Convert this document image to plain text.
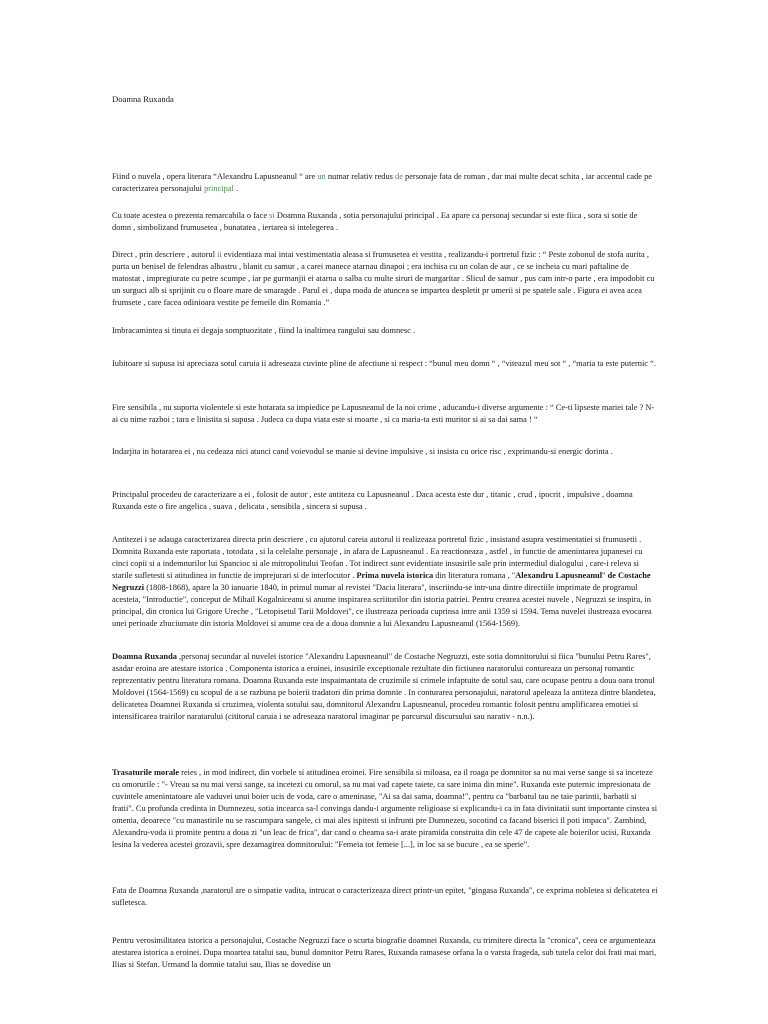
Doamna Ruxanda

Fiind o nuvela , opera literara “Alexandru Lapusneanul “ are un numar relativ redus de personaje fata de roman , dar mai multe decat schita , iar accentul cade pe caracterizarea personajului principal .

Cu toate acestea o prezenta remarcabila o face si Doamna Ruxanda , sotia personajului principal . Ea apare ca personaj secundar si este fiica , sora si sotie de domn , simbolizand frumusetea , bunatatea , iertarea si intelegerea .

Direct , prin descriere , autorul ii evidentiaza mai intai vestimentatia aleasa si frumusetea ei vestita , realizandu-i portretul fizic : “ Peste zobonul de stofa aurita , purta un benisel de felendras albastru , blanit cu samur , a carei manece atarnau dinapoi ; era inchisa cu un colan de aur , ce se incheia cu mari paftaline de matostat , impregiurate cu petre scumpe , iar pe gurmanjii ei atarna o salba cu multe siruri de margaritar . Slicul de samur , pus cam intr-o parte , era impodobit cu un surguci alb si sprijinit cu o floare mare de smaragde . Parul ei , dupa moda de atuncea se impartea despletit pr umerii si pe spatele sale . Figura ei avea acea frumsete , care facea odinioara vestite pe femeile din Romania .”

Imbracamintea si tinuta ei degaja somptuozitate , fiind la inaltimea rangului sau domnesc .

Iubitoare si supusa isi apreciaza sotul caruia ii adreseaza cuvinte pline de afectiune si respect : “bunul meu domn “ , “viteazul meu sot “ , “maria ta este puternic “.

Fire sensibila , nu suporta violentele si este hotarata sa impiedice pe Lapusneanul de la noi crime , aducandu-i diverse argumente : “ Ce-ti lipseste mariei tale ? N-ai cu nime razboi ; tara e linistita si supusa . Judeca ca dupa viata este si moarte , si ca maria-ta esti muritor si ai sa dai sama ! “

Indarjita in hotararea ei , nu cedeaza nici atunci cand voievodul se manie si devine impulsive , si insista cu orice risc , exprimandu-si energic dorinta .

Principalul procedeu de caracterizare a ei , folosit de autor , este antiteza cu Lapusneanul . Daca acesta este dur , titanic , crud , ipocrit , impulsive , doamna Ruxanda este o fire angelica , suava , delicata , sensibila , sincera si supusa .

Antitezei i se adauga caracterizarea directa prin descriere , cu ajutorul careia autorul ii realizeaza portretul fizic , insistand asupra vestimentatiei si frumusetii . Domnita Ruxanda este raportata , totodata , si la celelalte personaje , in afara de Lapusneanul . Ea reactioneaza , astfel , in functie de amenintarea jupanesei cu cinci copii si a indemnurilor lui Spancioc si ale mitropolitului Teofan . Tot indirect sunt evidentiate insusirile sale prin intermediul dialogului , care-i releva si starile sufletesti si atitudinea in functie de imprejurari si de interlocutor . Prima nuvela istorica din literatura romana , "Alexandru Lapusneanul" de Costache Negruzzi (1808-1868), apare la 30 ianuarie 1840, in primul numar al revistei "Dacia literara", inscriindu-se intr-una dintre directiile imprimate de programul acesteia, "Introductie", conceput de Mihail Kogalniceanu si anume inspirarea scriitorilor din istoria patriei. Pentru crearea acestei nuvele , Negruzzi se inspira, in principal, din cronica lui Grigore Ureche , "Letopisetul Tarii Moldovei", ce ilustreaza perioada cuprinsa intre anii 1359 si 1594. Tema nuvelei ilustreaza evocarea unei perioade zbuciumate din istoria Moldovei si anume cea de a doua domnie a lui Alexandru Lapusneanul (1564-1569).

Doamna Ruxanda ,personaj secundar al nuvelei istorice "Alexandru Lapusneanul" de Costache Negruzzi, este sotia domnitorului si fiica "bunului Petru Rares", asadar eroina are atestare istorica . Componenta istorica a eroinei, insusirile exceptionale rezultate din fictiunea naratorului contureaza un personaj romantic reprezentativ pentru literatura romana. Doamna Ruxanda este inspaimantata de cruzimile si crimele infaptuite de sotul sau, care ocupase pentru a doua oara tronul Moldovei (1564-1569) cu scopul de a se razbuna pe boierii tradatori din prima domnie . In conturarea personajului, naratorul apeleaza la antiteza dintre blandetea, delicatetea Doamnei Ruxanda si cruzimea, violenta sotului sau, domnitorul Alexandru Lapusneanul, procedeu romantic folosit pentru amplificarea emotiei si intensificarea trairilor naratarului (cititorul caruia i se adreseaza naratorul imaginar pe parcursul discursului sau narativ - n.n.).

Trasaturile morale reies , in mod indirect, din vorbele si atitudinea eroinei. Fire sensibila si miloasa, ea il roaga pe domnitor sa nu mai verse sange si sa inceteze cu omorurile : "- Vreau sa nu mai versi sange, sa incetezi cu omorul, sa nu mai vad capete taiete, ca sare inima din mine". Ruxanda este puternic impresionata de cuvintele amenintatoare ale vaduvei unui boier ucis de voda, care o ameninase, "Ai sa dai sama, doamna!", pentru ca "barbatul tau ne taie parintii, barbatii si fratii". Cu profunda credinta in Dumnezeu, sotia incearca sa-l convinga dandu-i argumente religioase si explicandu-i ca in fata divinitatii sunt importante cinstea si omenia, deoarece "cu manastirile nu se rascumpara sangele, ci mai ales ispitesti si infrunti pre Dumnezeu, socotind ca facand biserici il poti impaca". Zambind, Alexandru-voda ii promite pentru a doua zi "un leac de frica", dar cand o cheama sa-i arate piramida construita din cele 47 de capete ale boierilor ucisi, Ruxanda lesina la vederea acestei grozavii, spre dezamagirea domnitorului: "Femeia tot femeie [...], in loc sa se bucure , ea se sperie".

Fata de Doamna Ruxanda ,naratorul are o simpatie vadita, intrucat o caracterizeaza direct printr-un epitet, "gingasa Ruxanda", ce exprima nobletea si delicatetea ei sufletesca.

Pentru verosimilitatea istorica a personajului, Costache Negruzzi face o scurta biografie doamnei Ruxanda, cu trimitere directa la "cronica", ceea ce argumenteaza atestarea istorica a eroinei. Dupa moartea tatalui sau, bunul domnitor Petru Rares, Ruxanda ramasese orfana la o varsta frageda, sub tutela celor doi frati mai mari, Ilias si Stefan. Urmand la domnie tatalui sau, Ilias se dovedise un
